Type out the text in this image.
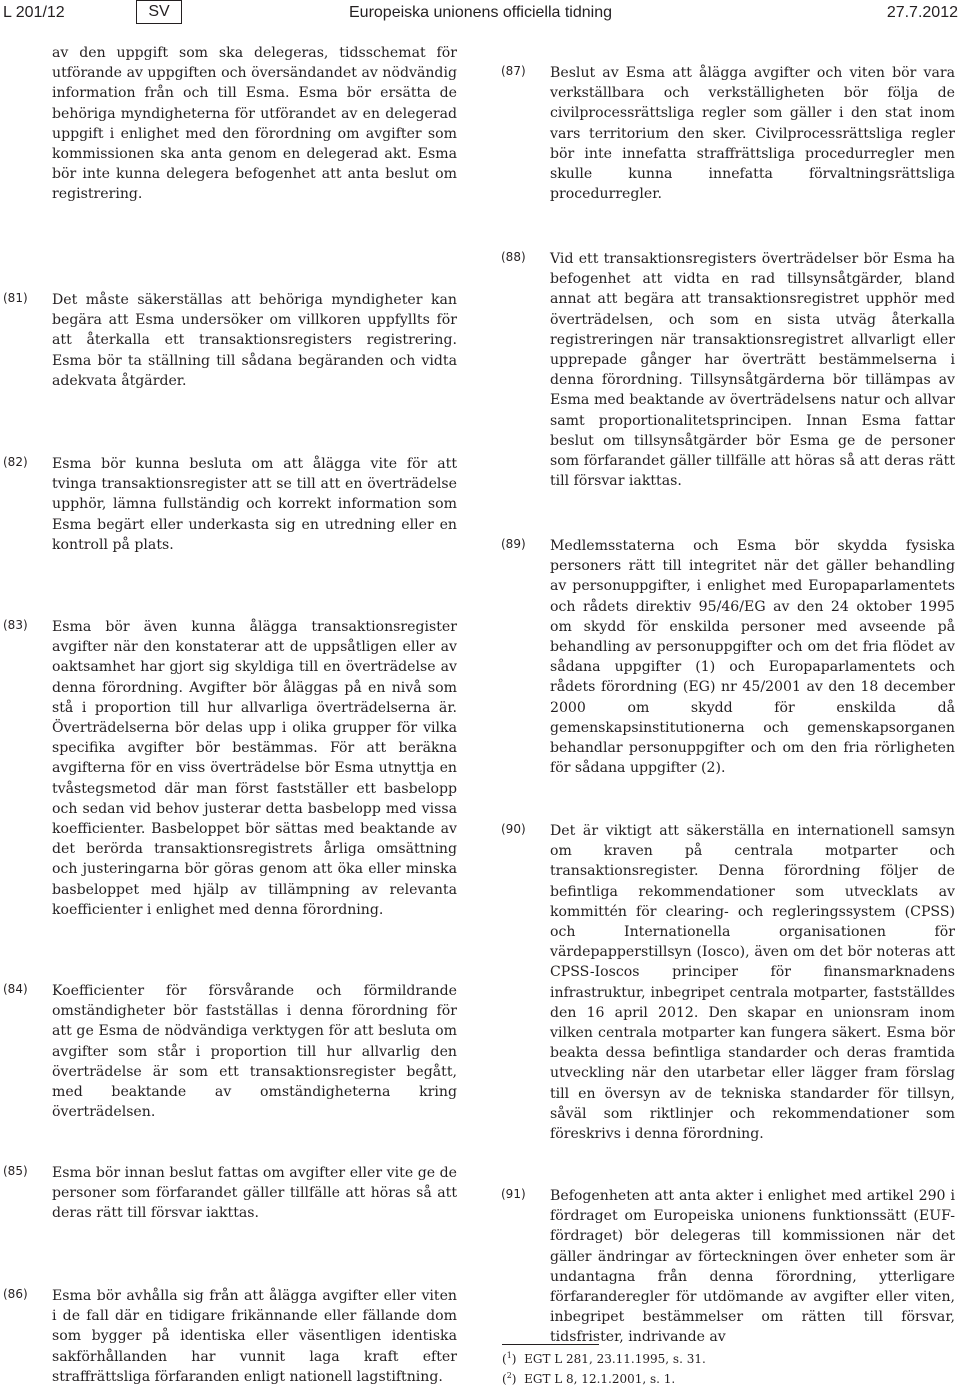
L 201/12	SV	Europeiska unionens officiella tidning	27.7.2012
av den uppgift som ska delegeras, tidsschemat för utförande av uppgiften och översändandet av nödvändig information från och till Esma. Esma bör ersätta de behöriga myndigheterna för utförandet av en delegerad uppgift i enlighet med den förordning om avgifter som kommissionen ska anta genom en delegerad akt. Esma bör inte kunna delegera befogenhet att anta beslut om registrering.
(81) Det måste säkerställas att behöriga myndigheter kan begära att Esma undersöker om villkoren uppfyllts för att återkalla ett transaktionsregisters registrering. Esma bör ta ställning till sådana begäranden och vidta adekvata åtgärder.
(82) Esma bör kunna besluta om att ålägga vite för att tvinga transaktionsregister att se till att en överträdelse upphör, lämna fullständig och korrekt information som Esma begärt eller underkasta sig en utredning eller en kontroll på plats.
(83) Esma bör även kunna ålägga transaktionsregister avgifter när den konstaterar att de uppsåtligen eller av oaktsamhet har gjort sig skyldiga till en överträdelse av denna förordning. Avgifter bör åläggas på en nivå som stå i proportion till hur allvarliga överträdelserna är. Överträdelserna bör delas upp i olika grupper för vilka specifika avgifter bör bestämmas. För att beräkna avgifterna för en viss överträdelse bör Esma utnyttja en tvåstegsmetod där man först fastställer ett basbelopp och sedan vid behov justerar detta basbelopp med vissa koefficienter. Basbeloppet bör sättas med beaktande av det berörda transaktionsregistrets årliga omsättning och justeringarna bör göras genom att öka eller minska basbeloppet med hjälp av tillämpning av relevanta koefficienter i enlighet med denna förordning.
(84) Koefficienter för försvårande och förmildrande omständigheter bör fastställas i denna förordning för att ge Esma de nödvändiga verktygen för att besluta om avgifter som står i proportion till hur allvarlig den överträdelse är som ett transaktionsregister begått, med beaktande av omständigheterna kring överträdelsen.
(85) Esma bör innan beslut fattas om avgifter eller vite ge de personer som förfarandet gäller tillfälle att höras så att deras rätt till försvar iakttas.
(86) Esma bör avhålla sig från att ålägga avgifter eller viten i de fall där en tidigare frikännande eller fällande dom som bygger på identiska eller väsentligen identiska sakförhållanden har vunnit laga kraft efter straffrättsliga förfaranden enligt nationell lagstiftning.
(87) Beslut av Esma att ålägga avgifter och viten bör vara verkställbara och verkställigheten bör följa de civilprocessrättsliga regler som gäller i den stat inom vars territorium den sker. Civilprocessrättsliga regler bör inte innefatta straffrättsliga procedurregler men skulle kunna innefatta förvaltningsrättsliga procedurregler.
(88) Vid ett transaktionsregisters överträdelser bör Esma ha befogenhet att vidta en rad tillsynsåtgärder, bland annat att begära att transaktionsregistret upphör med överträdelsen, och som en sista utväg återkalla registreringen när transaktionsregistret allvarligt eller upprepade gånger har överträtt bestämmelserna i denna förordning. Tillsynsåtgärderna bör tillämpas av Esma med beaktande av överträdelsens natur och allvar samt proportionalitetsprincipen. Innan Esma fattar beslut om tillsynsåtgärder bör Esma ge de personer som förfarandet gäller tillfälle att höras så att deras rätt till försvar iakttas.
(89) Medlemsstaterna och Esma bör skydda fysiska personers rätt till integritet när det gäller behandling av personuppgifter, i enlighet med Europaparlamentets och rådets direktiv 95/46/EG av den 24 oktober 1995 om skydd för enskilda personer med avseende på behandling av personuppgifter och om det fria flödet av sådana uppgifter (1) och Europaparlamentets och rådets förordning (EG) nr 45/2001 av den 18 december 2000 om skydd för enskilda då gemenskapsinstitutionerna och gemenskapsorganen behandlar personuppgifter och om den fria rörligheten för sådana uppgifter (2).
(90) Det är viktigt att säkerställa en internationell samsyn om kraven på centrala motparter och transaktionsregister. Denna förordning följer de befintliga rekommendationer som utvecklats av kommittén för clearing- och regleringssystem (CPSS) och Internationella organisationen för värdepapperstillsyn (Iosco), även om det bör noteras att CPSS-Ioscos principer för finansmarknadens infrastruktur, inbegripet centrala motparter, fastställdes den 16 april 2012. Den skapar en unionsram inom vilken centrala motparter kan fungera säkert. Esma bör beakta dessa befintliga standarder och deras framtida utveckling när den utarbetar eller lägger fram förslag till en översyn av de tekniska standarder för tillsyn, såväl som riktlinjer och rekommendationer som föreskrivs i denna förordning.
(91) Befogenheten att anta akter i enlighet med artikel 290 i fördraget om Europeiska unionens funktionssätt (EUF-fördraget) bör delegeras till kommissionen när det gäller ändringar av förteckningen över enheter som är undantagna från denna förordning, ytterligare förfaranderegler för utdömande av avgifter eller viten, inbegripet bestämmelser om rätten till försvar, tidsfrister, indrivande av
($^1$)  EGT L 281, 23.11.1995, s. 31.
($^2$)  EGT L 8, 12.1.2001, s. 1.
